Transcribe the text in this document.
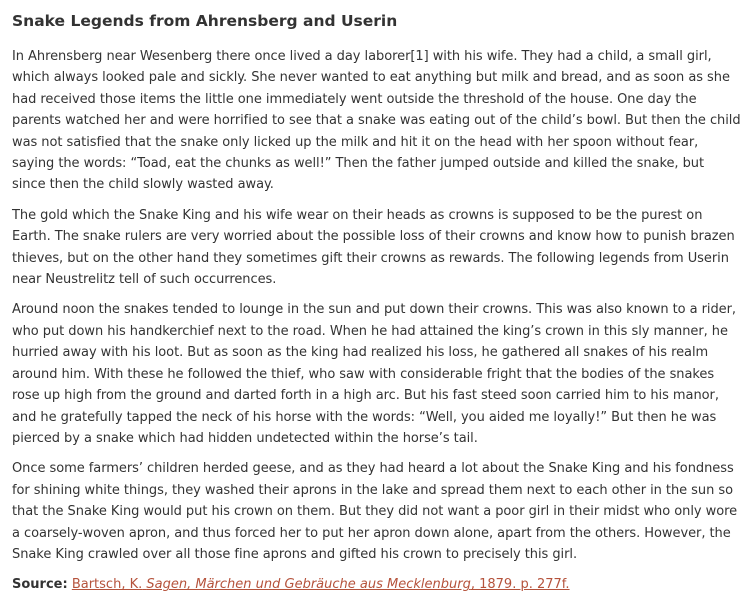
Snake Legends from Ahrensberg and Userin

In Ahrensberg near Wesenberg there once lived a day laborer[1] with his wife. They had a child, a small girl, which always looked pale and sickly. She never wanted to eat anything but milk and bread, and as soon as she had received those items the little one immediately went outside the threshold of the house. One day the parents watched her and were horrified to see that a snake was eating out of the child’s bowl. But then the child was not satisfied that the snake only licked up the milk and hit it on the head with her spoon without fear, saying the words: “Toad, eat the chunks as well!” Then the father jumped outside and killed the snake, but since then the child slowly wasted away.

The gold which the Snake King and his wife wear on their heads as crowns is supposed to be the purest on Earth. The snake rulers are very worried about the possible loss of their crowns and know how to punish brazen thieves, but on the other hand they sometimes gift their crowns as rewards. The following legends from Userin near Neustrelitz tell of such occurrences.

Around noon the snakes tended to lounge in the sun and put down their crowns. This was also known to a rider, who put down his handkerchief next to the road. When he had attained the king’s crown in this sly manner, he hurried away with his loot. But as soon as the king had realized his loss, he gathered all snakes of his realm around him. With these he followed the thief, who saw with considerable fright that the bodies of the snakes rose up high from the ground and darted forth in a high arc. But his fast steed soon carried him to his manor, and he gratefully tapped the neck of his horse with the words: “Well, you aided me loyally!” But then he was pierced by a snake which had hidden undetected within the horse’s tail.

Once some farmers’ children herded geese, and as they had heard a lot about the Snake King and his fondness for shining white things, they washed their aprons in the lake and spread them next to each other in the sun so that the Snake King would put his crown on them. But they did not want a poor girl in their midst who only wore a coarsely-woven apron, and thus forced her to put her apron down alone, apart from the others. However, the Snake King crawled over all those fine aprons and gifted his crown to precisely this girl.

Source: Bartsch, K. Sagen, Märchen und Gebräuche aus Mecklenburg, 1879. p. 277f.
